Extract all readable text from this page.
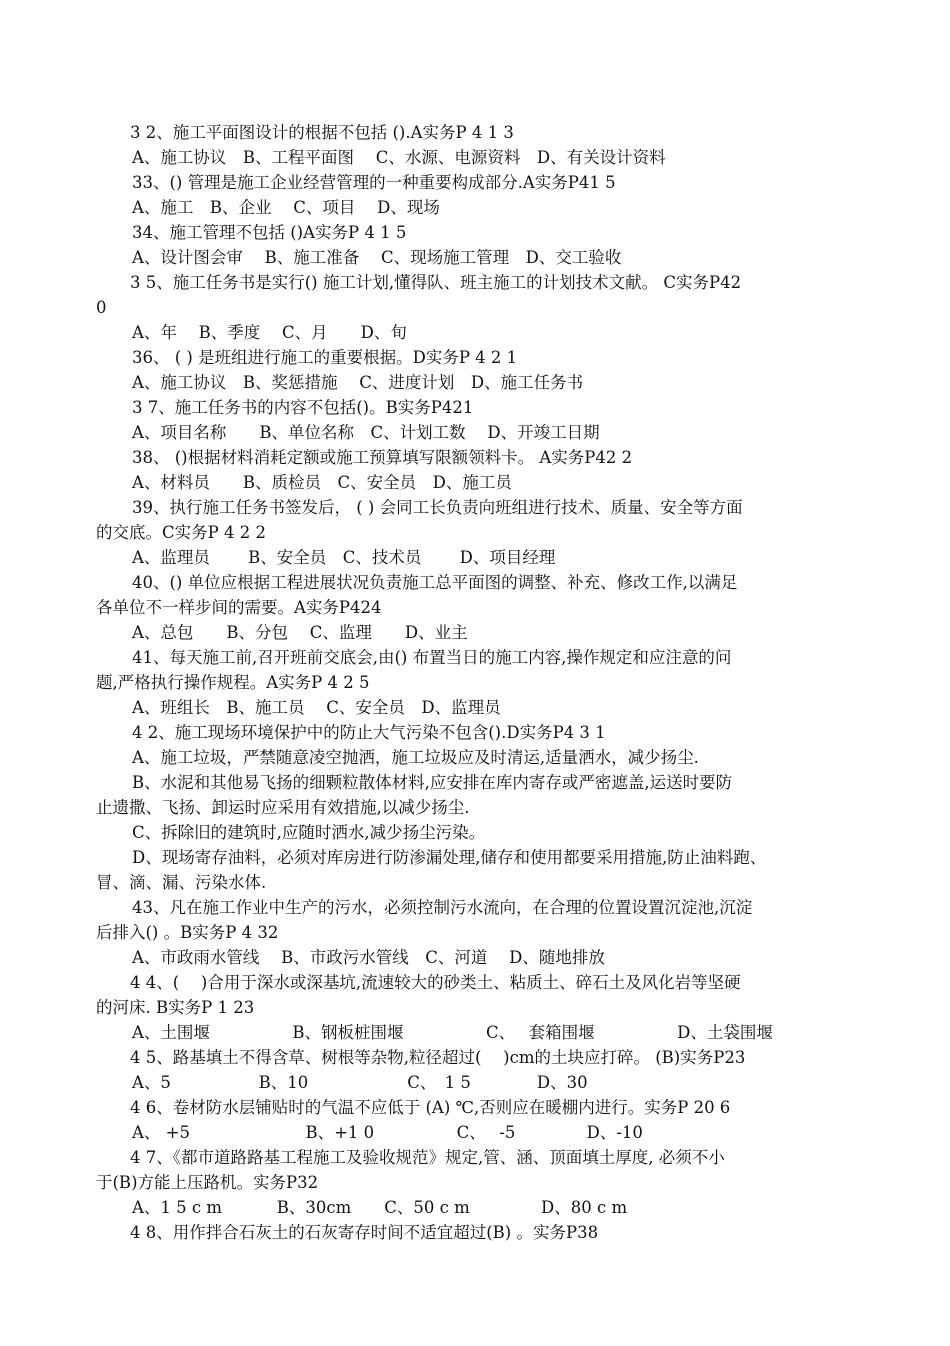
3 2、施工平面图设计的根据不包括 ().A实务P 4 1 3
A、施工协议　B、工程平面图　 C、水源、电源资料　D、有关设计资料
33、() 管理是施工企业经营管理的一种重要构成部分.A实务P41 5
A、施工　B、企业　 C、项目　 D、现场
34、施工管理不包括 ()A实务P 4 1 5
A、设计图会审　 B、施工准备　 C、现场施工管理　D、交工验收
3 5、施工任务书是实行() 施工计划,懂得队、班主施工的计划技术文献。 C实务P42
0
A、年　 B、季度　 C、月　　D、旬
36、 ( ) 是班组进行施工的重要根据。D实务P 4 2 1
A、施工协议　B、奖惩措施　 C、进度计划　D、施工任务书
3 7、施工任务书的内容不包括()。B实务P421
A、项目名称　　B、单位名称　C、计划工数　 D、开竣工日期
38、 ()根据材料消耗定额或施工预算填写限额领料卡。 A实务P42 2
A、材料员　　B、质检员　C、安全员　D、施工员
39、执行施工任务书签发后， ( ) 会同工长负责向班组进行技术、质量、安全等方面
的交底。C实务P 4 2 2
A、监理员　　 B、安全员　C、技术员　　 D、项目经理
40、() 单位应根据工程进展状况负责施工总平面图的调整、补充、修改工作,以满足
各单位不一样步间的需要。A实务P424
A、总包　　B、分包　 C、监理　　D、业主
41、每天施工前,召开班前交底会,由() 布置当日的施工内容,操作规定和应注意的问
题,严格执行操作规程。A实务P 4 2 5
A、班组长　B、施工员　 C、安全员　D、监理员
4 2、施工现场环境保护中的防止大气污染不包含().D实务P4 3 1
A、施工垃圾，严禁随意凌空抛洒，施工垃圾应及时清运,适量洒水，减少扬尘.
B、水泥和其他易飞扬的细颗粒散体材料,应安排在库内寄存或严密遮盖,运送时要防
止遗撒、飞扬、卸运时应采用有效措施,以减少扬尘.
C、拆除旧的建筑时,应随时洒水,减少扬尘污染。
D、现场寄存油料，必须对库房进行防渗漏处理,储存和使用都要采用措施,防止油料跑、
冒、滴、漏、污染水体.
43、凡在施工作业中生产的污水，必须控制污水流向，在合理的位置设置沉淀池,沉淀
后排入() 。B实务P 4 32
A、市政雨水管线　 B、市政污水管线　C、河道　 D、随地排放
4 4、( 　)合用于深水或深基坑,流速较大的砂类土、粘质土、碎石土及风化岩等坚硬
的河床. B实务P 1 23
A、土围堰　　　　　B、钢板桩围堰　　　　　C、　 套箱围堰　　　　　D、土袋围堰
4 5、路基填土不得含草、树根等杂物,粒径超过(　 )cm的土块应打碎。 (B)实务P23
A、5　　　　　 B、10　　　　　　C、　1 5　　　　D、30
4 6、卷材防水层铺贴时的气温不应低于 (A) ℃,否则应在暖棚内进行。实务P 20 6
A、 +5　　　　　　　B、+1 0　　　　　C、　 -5　　　　 D、-10
4 7、《都市道路路基工程施工及验收规范》规定,管、涵、顶面填土厚度, 必须不小
于(B)方能上压路机。实务P32
A、1 5 c m　　　 B、30cm　　C、50 c m　　　　 D、80 c m
4 8、用作拌合石灰土的石灰寄存时间不适宜超过(B) 。实务P38
